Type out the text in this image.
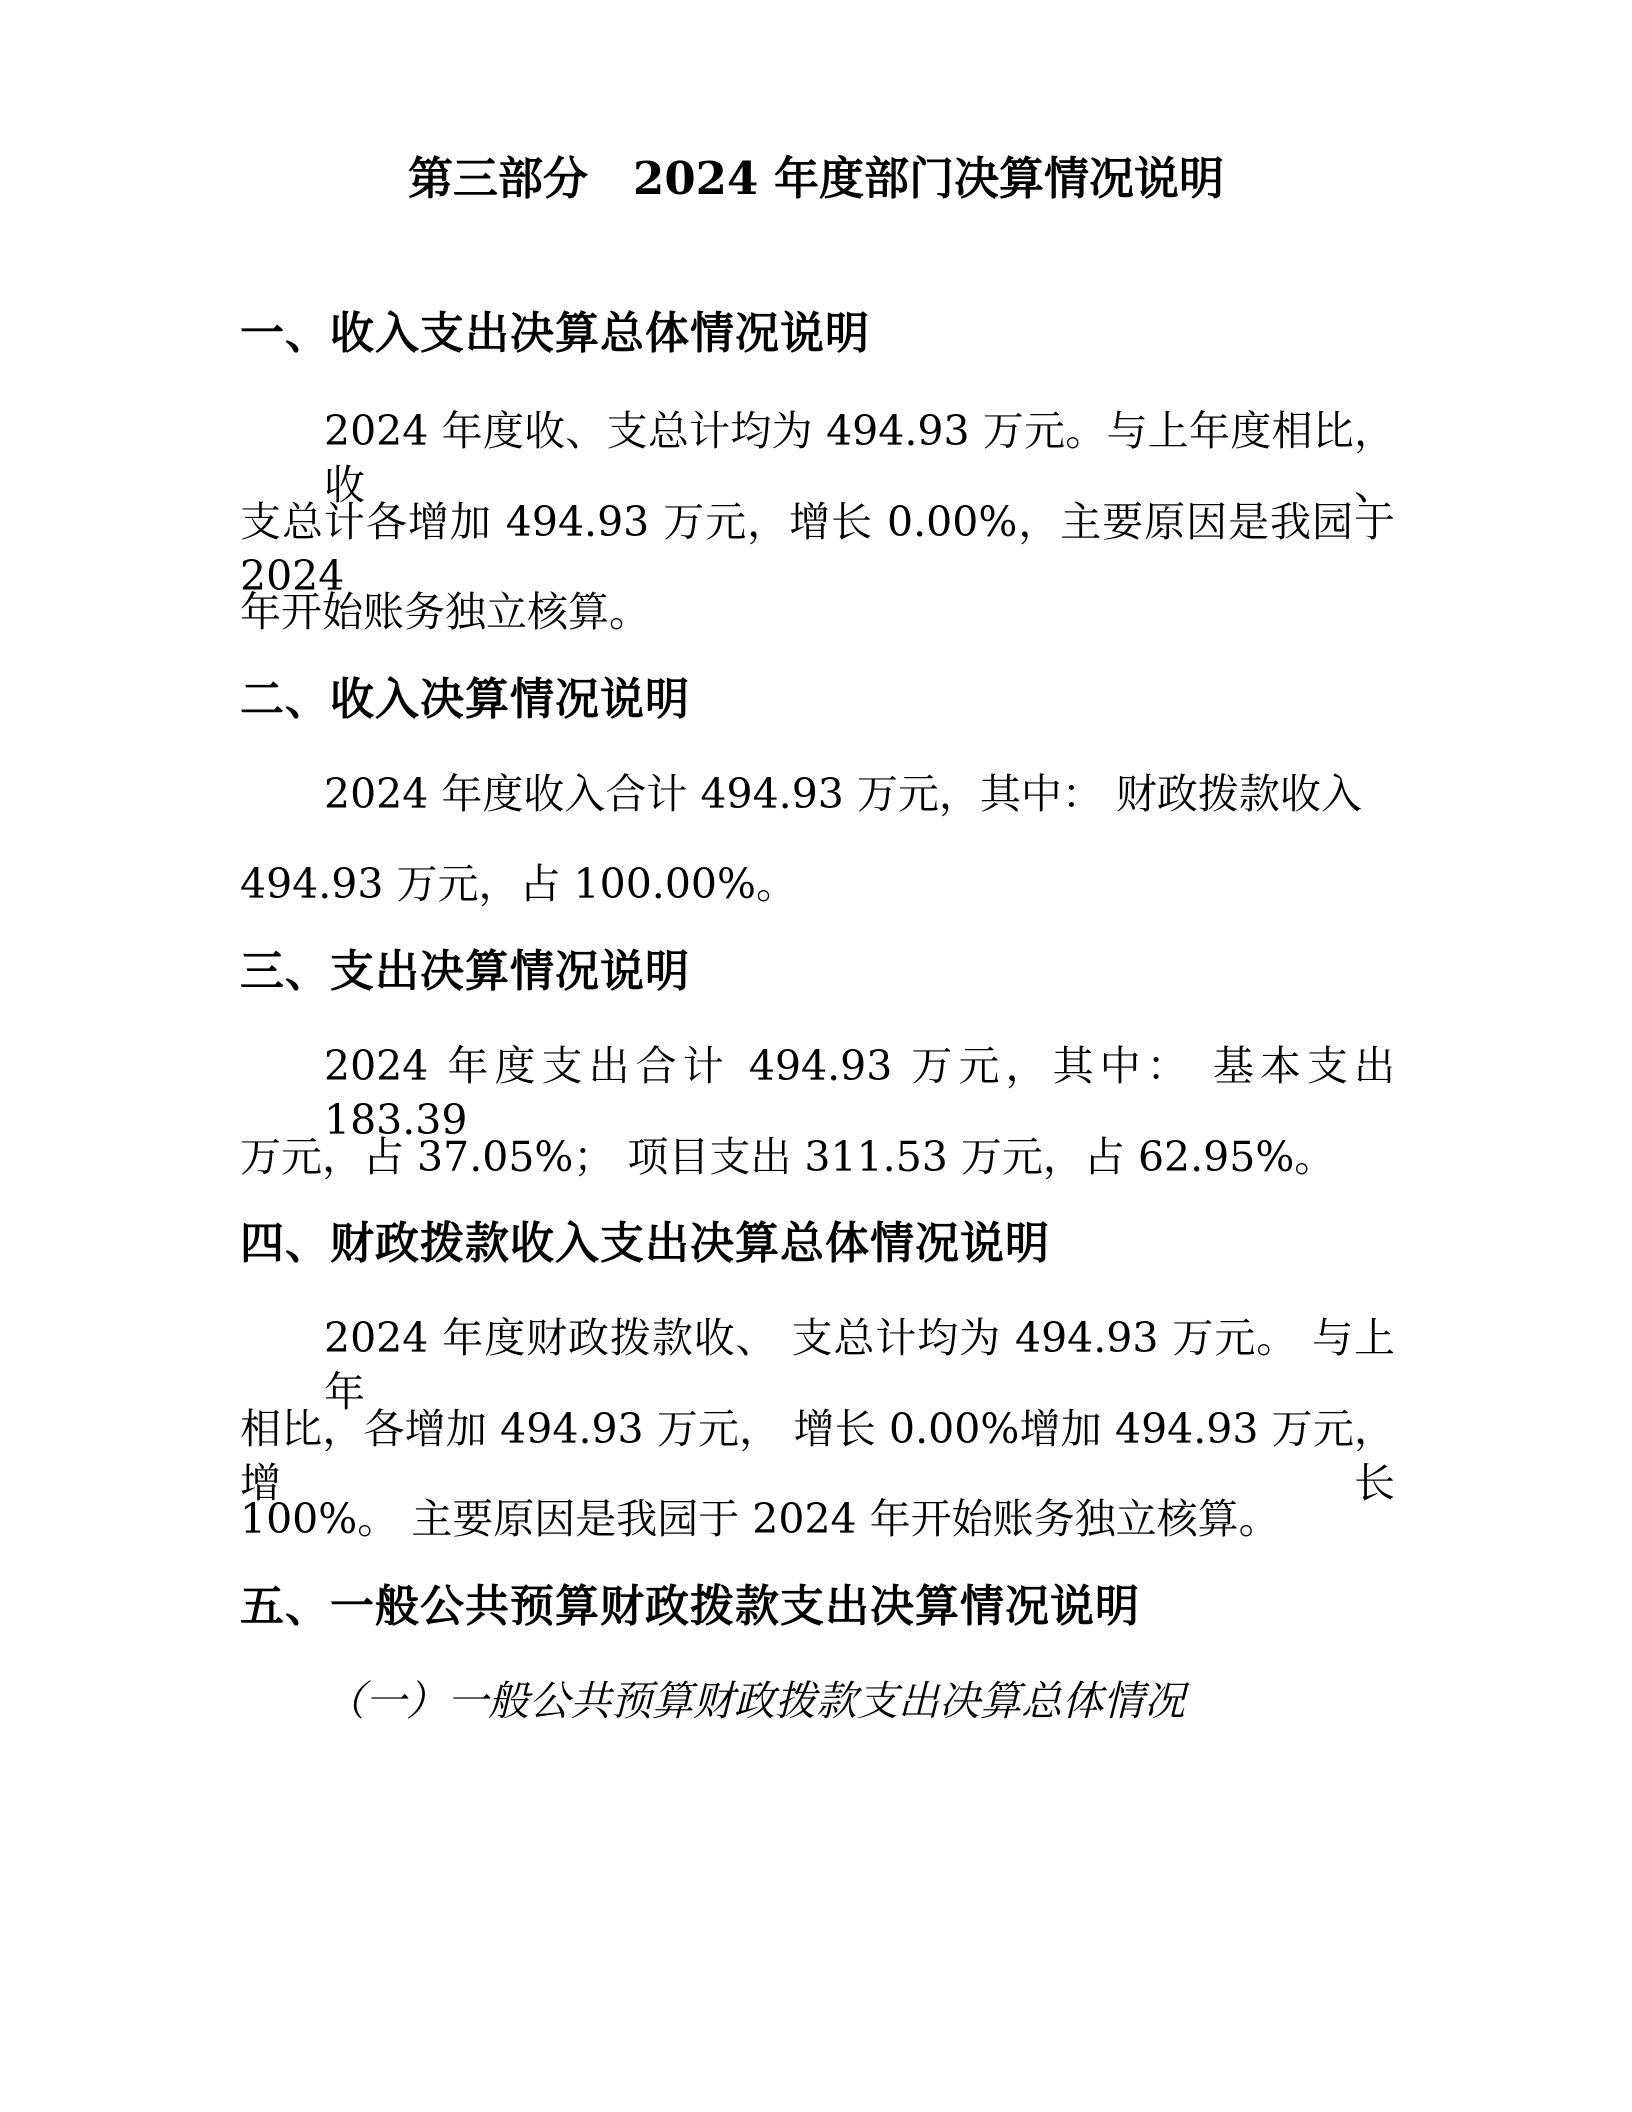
第三部分　2024 年度部门决算情况说明
一、收入支出决算总体情况说明
2024 年度收、支总计均为 494.93 万元。与上年度相比，收、
支总计各增加 494.93 万元，增长 0.00%，主要原因是我园于 2024
年开始账务独立核算。
二、收入决算情况说明
2024 年度收入合计 494.93 万元，其中： 财政拨款收入
494.93 万元，占 100.00%。
三、支出决算情况说明
2024 年度支出合计 494.93 万元，其中： 基本支出 183.39
万元，占 37.05%； 项目支出 311.53 万元，占 62.95%。
四、财政拨款收入支出决算总体情况说明
2024 年度财政拨款收、 支总计均为 494.93 万元。 与上年
相比，各增加 494.93 万元， 增长 0.00%增加 494.93 万元， 增长
100%。 主要原因是我园于 2024 年开始账务独立核算。
五、一般公共预算财政拨款支出决算情况说明
（一）一般公共预算财政拨款支出决算总体情况
